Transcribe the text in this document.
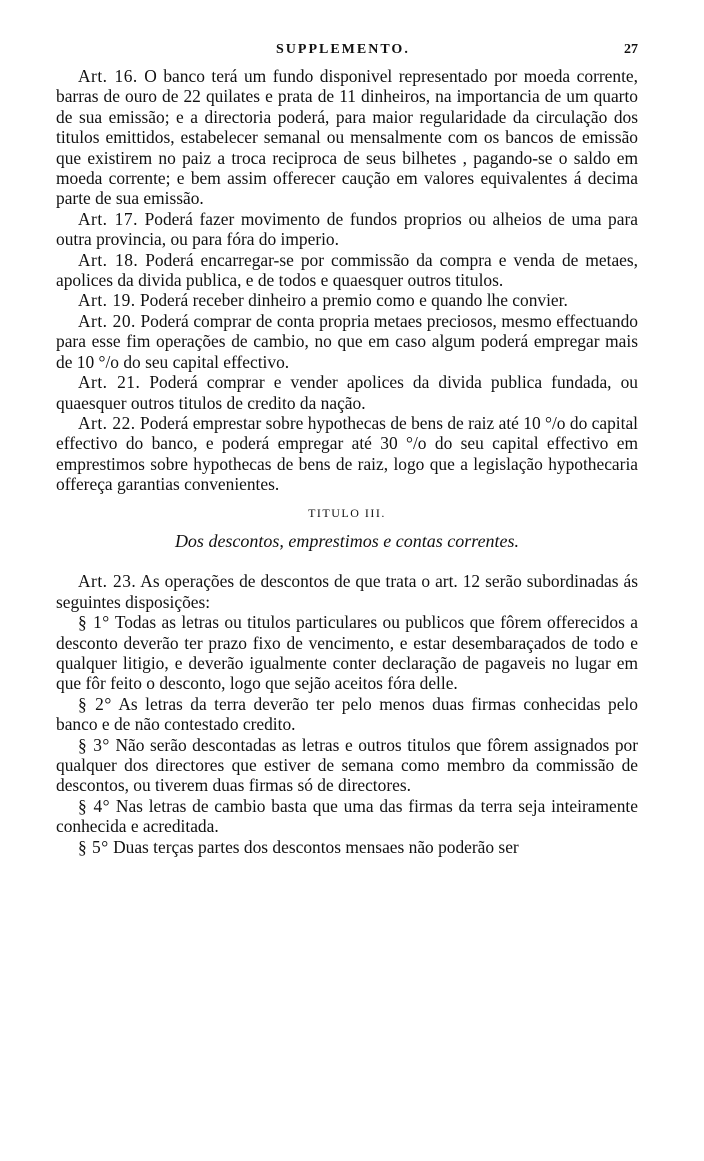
SUPPLEMENTO.	27

Art. 16. O banco terá um fundo disponivel representado por moeda corrente, barras de ouro de 22 quilates e prata de 11 dinheiros, na importancia de um quarto de sua emissão; e a directoria poderá, para maior regularidade da circulação dos titulos emittidos, estabelecer semanal ou mensalmente com os bancos de emissão que existirem no paiz a troca reciproca de seus bilhetes , pagando-se o saldo em moeda corrente; e bem assim offerecer caução em valores equivalentes á decima parte de sua emissão.

Art. 17. Poderá fazer movimento de fundos proprios ou alheios de uma para outra provincia, ou para fóra do imperio.

Art. 18. Poderá encarregar-se por commissão da compra e venda de metaes, apolices da divida publica, e de todos e quaesquer outros titulos.

Art. 19. Poderá receber dinheiro a premio como e quando lhe convier.

Art. 20. Poderá comprar de conta propria metaes preciosos, mesmo effectuando para esse fim operações de cambio, no que em caso algum poderá empregar mais de 10 °/o do seu capital effectivo.

Art. 21. Poderá comprar e vender apolices da divida publica fundada, ou quaesquer outros titulos de credito da nação.

Art. 22. Poderá emprestar sobre hypothecas de bens de raiz até 10 °/o do capital effectivo do banco, e poderá empregar até 30 °/o do seu capital effectivo em emprestimos sobre hypothecas de bens de raiz, logo que a legislação hypothecaria offereça garantias convenientes.

TITULO III.

Dos descontos, emprestimos e contas correntes.

Art. 23. As operações de descontos de que trata o art. 12 serão subordinadas ás seguintes disposições:

§ 1° Todas as letras ou titulos particulares ou publicos que fôrem offerecidos a desconto deverão ter prazo fixo de vencimento, e estar desembaraçados de todo e qualquer litigio, e deverão igualmente conter declaração de pagaveis no lugar em que fôr feito o desconto, logo que sejão aceitos fóra delle.

§ 2° As letras da terra deverão ter pelo menos duas firmas conhecidas pelo banco e de não contestado credito.

§ 3° Não serão descontadas as letras e outros titulos que fôrem assignados por qualquer dos directores que estiver de semana como membro da commissão de descontos, ou tiverem duas firmas só de directores.

§ 4° Nas letras de cambio basta que uma das firmas da terra seja inteiramente conhecida e acreditada.

§ 5° Duas terças partes dos descontos mensaes não poderão ser
